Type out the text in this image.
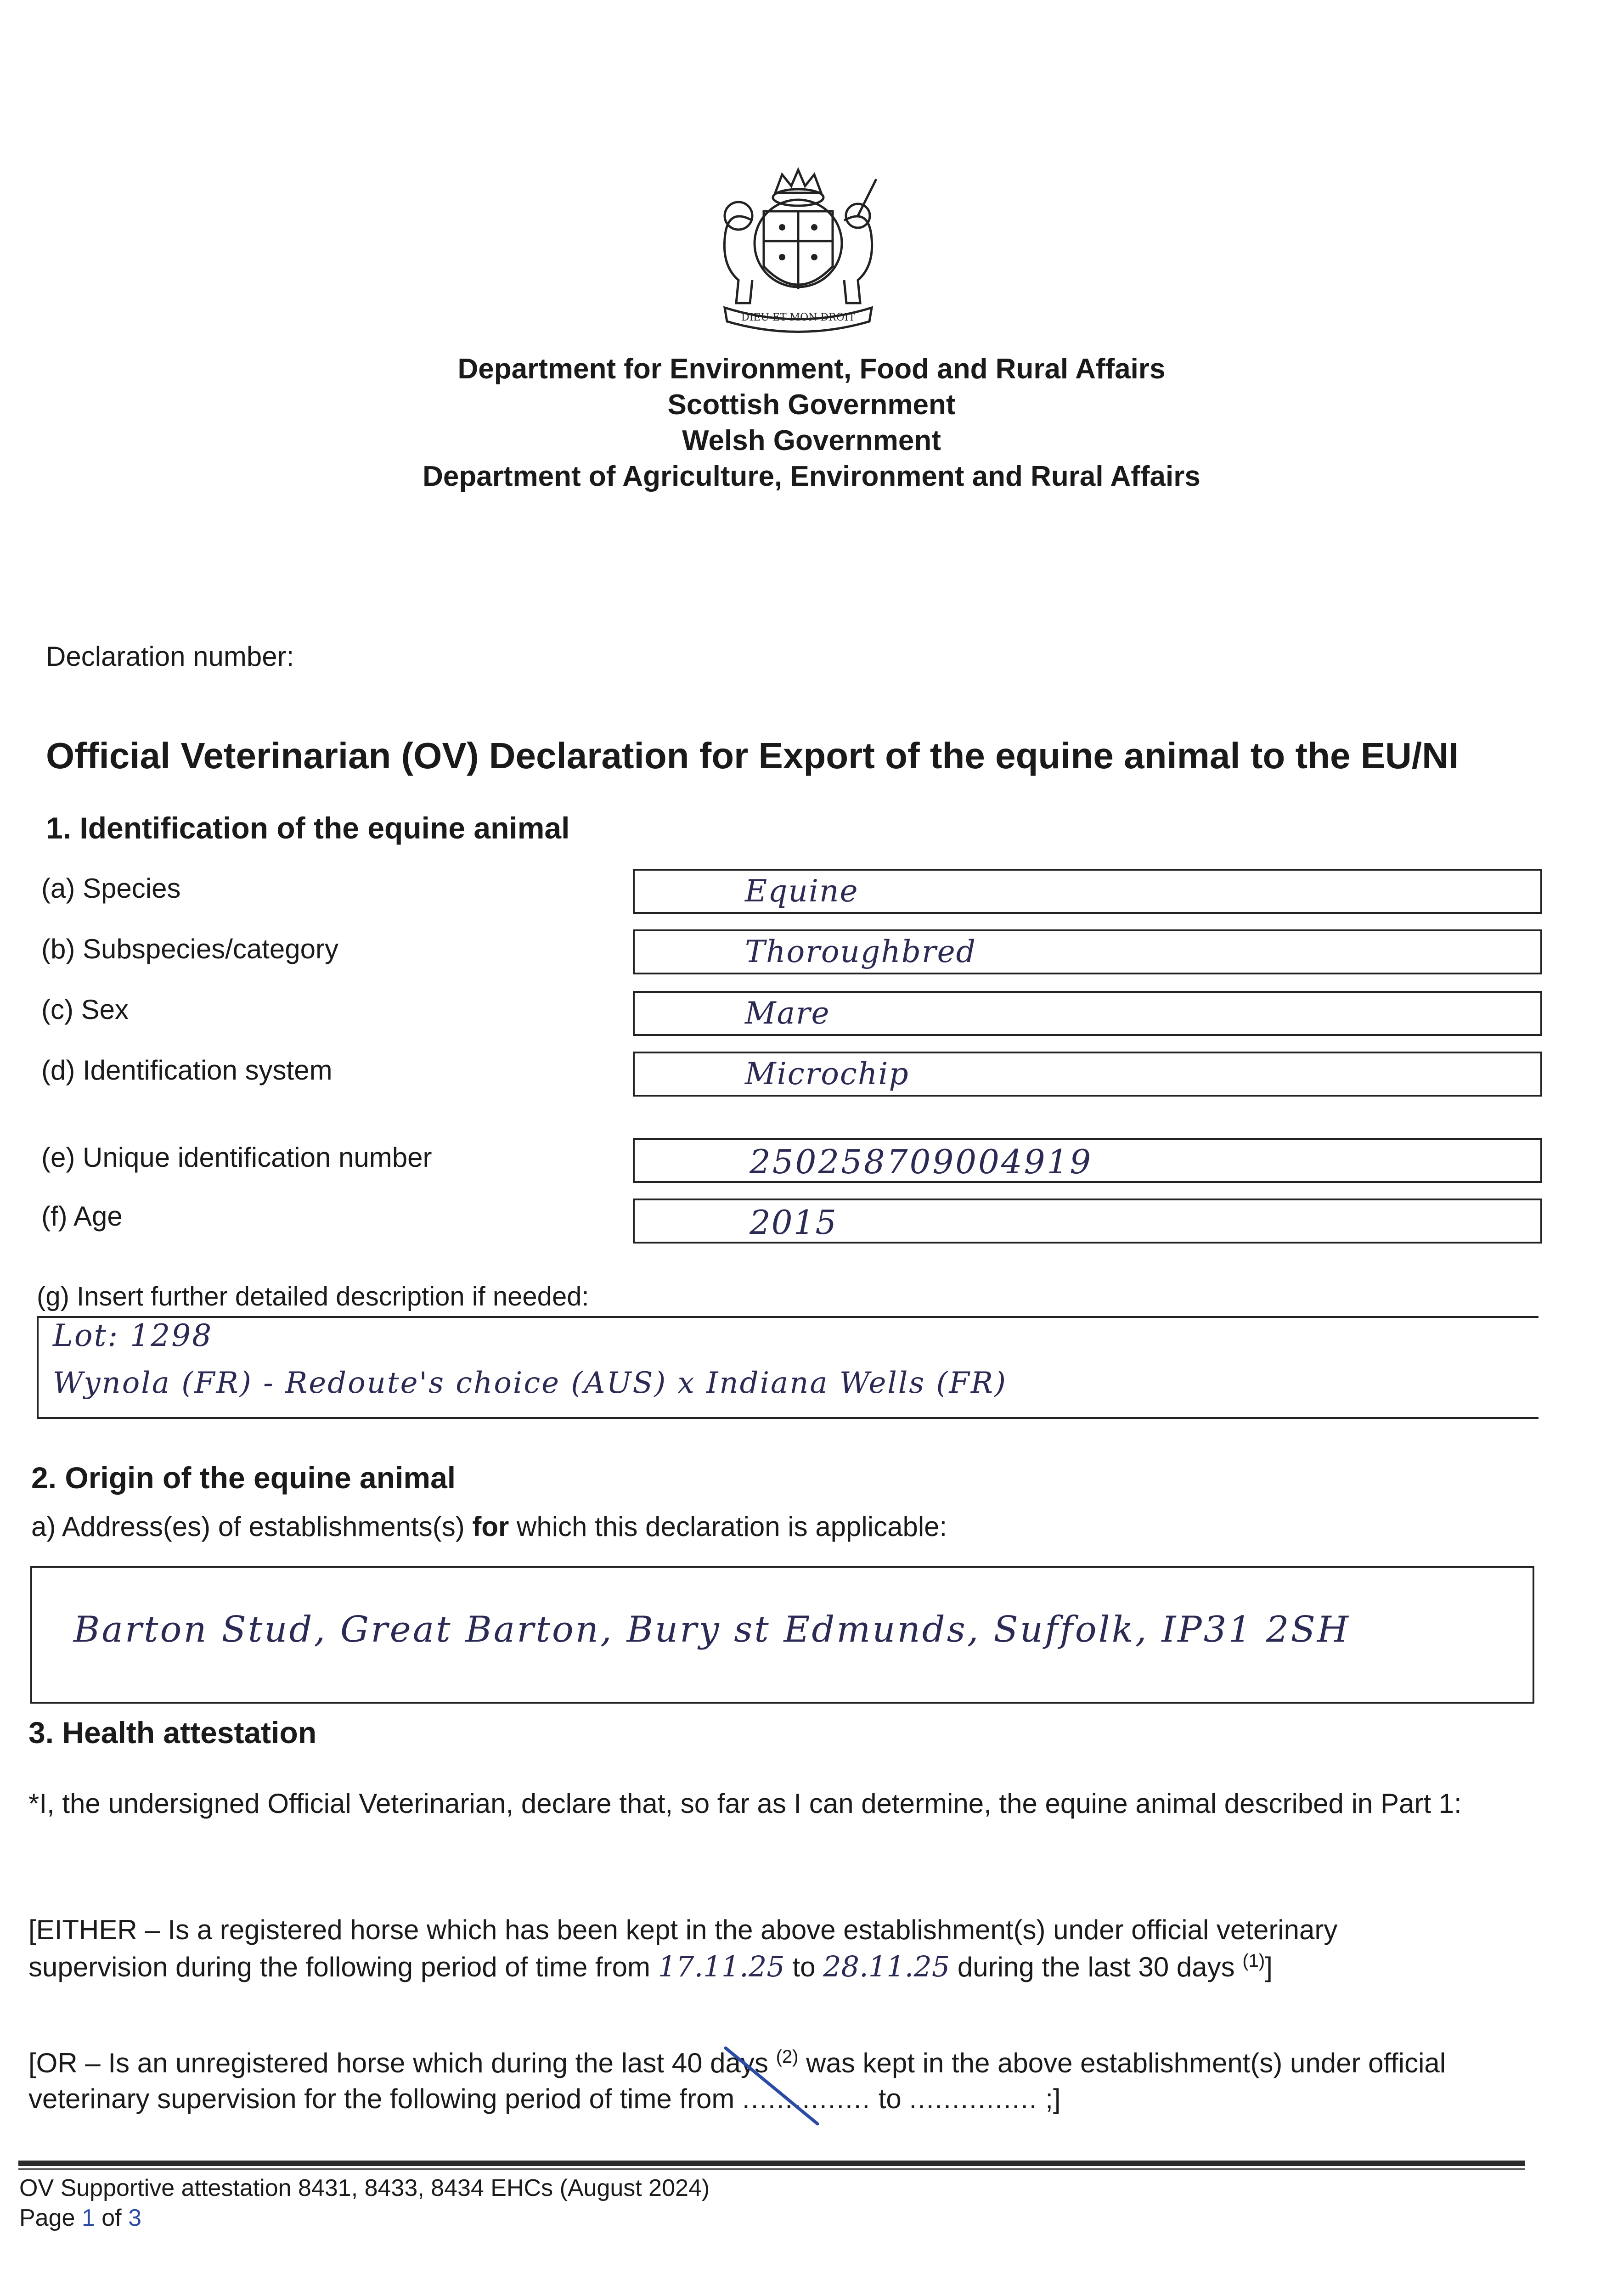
DIEU ET MON DROIT
Department for Environment, Food and Rural Affairs
Scottish Government
Welsh Government
Department of Agriculture, Environment and Rural Affairs
Declaration number:
Official Veterinarian (OV) Declaration for Export of the equine animal to the EU/NI
1. Identification of the equine animal
(a) Species	Equine
(b) Subspecies/category	Thoroughbred
(c) Sex	Mare
(d) Identification system	Microchip
(e) Unique identification number	250258709004919
(f) Age	2015
(g) Insert further detailed description if needed:
Lot: 1298
Wynola (FR) - Redoute's choice (AUS) x Indiana Wells (FR)
2. Origin of the equine animal
a) Address(es) of establishments(s) for which this declaration is applicable:
Barton Stud, Great Barton, Bury st Edmunds, Suffolk, IP31 2SH
3. Health attestation
*I, the undersigned Official Veterinarian, declare that, so far as I can determine, the equine animal described in Part 1:
[EITHER – Is a registered horse which has been kept in the above establishment(s) under official veterinary
supervision during the following period of time from 17.11.25 to 28.11.25 during the last 30 days $^{(1)}$]
[OR – Is an unregistered horse which during the last 40 days $^{(2)}$ was kept in the above establishment(s) under official
veterinary supervision for the following period of time from ............... to ............... ;]
OV Supportive attestation 8431, 8433, 8434 EHCs (August 2024)
Page 1 of 3
